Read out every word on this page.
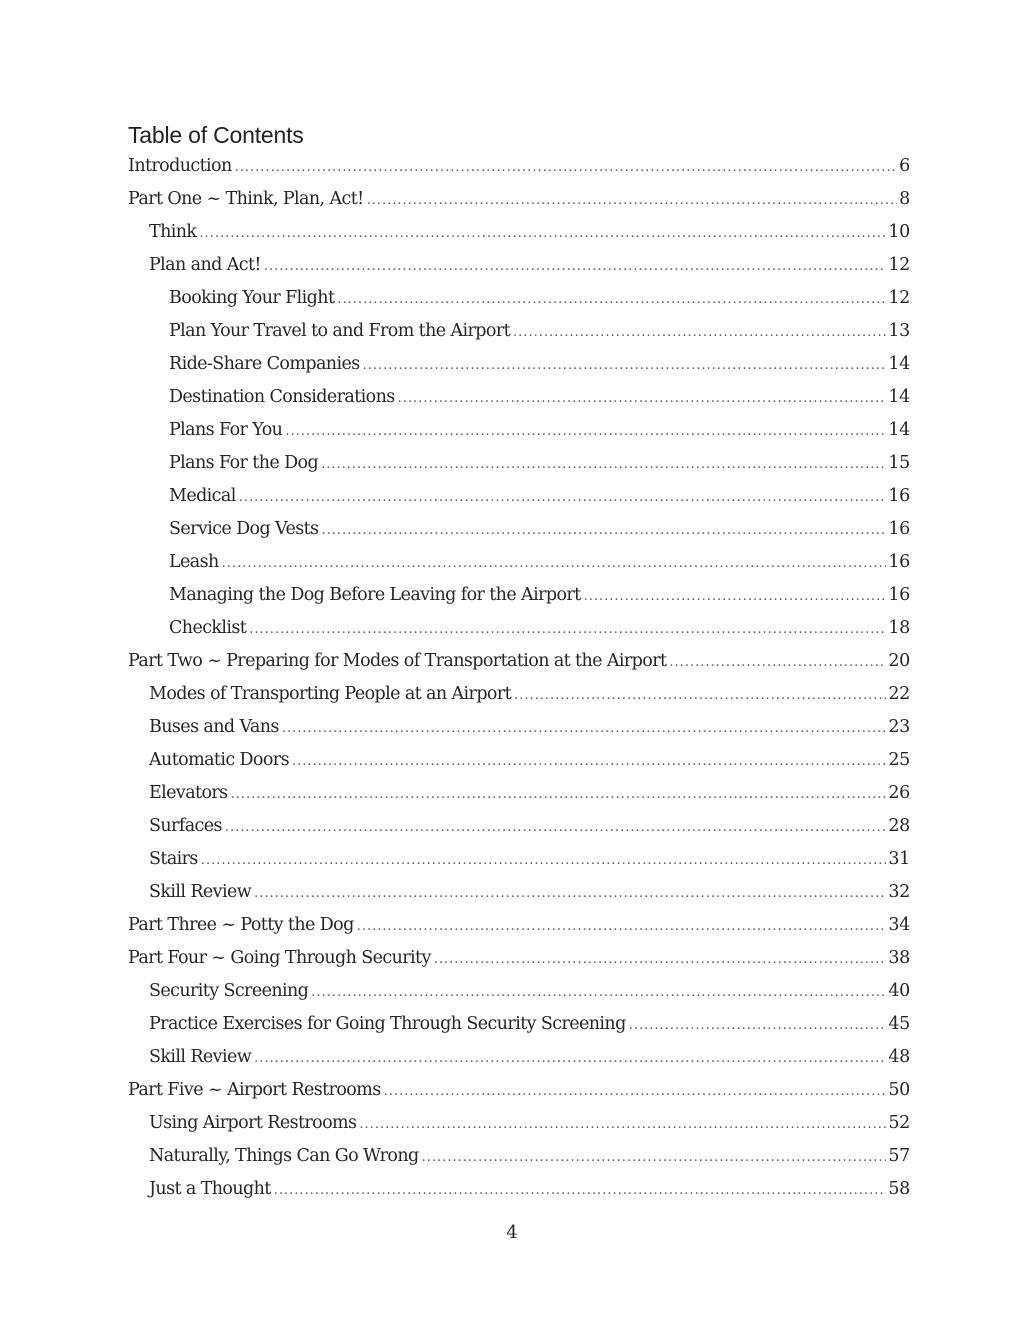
Table of Contents
Introduction .....	6
Part One ~ Think, Plan, Act! .....	8
Think .....	10
Plan and Act! .....	12
Booking Your Flight .....	12
Plan Your Travel to and From the Airport .....	13
Ride-Share Companies .....	14
Destination Considerations .....	14
Plans For You .....	14
Plans For the Dog .....	15
Medical .....	16
Service Dog Vests .....	16
Leash .....	16
Managing the Dog Before Leaving for the Airport .....	16
Checklist .....	18
Part Two ~ Preparing for Modes of Transportation at the Airport .....	20
Modes of Transporting People at an Airport .....	22
Buses and Vans .....	23
Automatic Doors .....	25
Elevators .....	26
Surfaces .....	28
Stairs .....	31
Skill Review .....	32
Part Three ~ Potty the Dog .....	34
Part Four ~ Going Through Security .....	38
Security Screening .....	40
Practice Exercises for Going Through Security Screening .....	45
Skill Review .....	48
Part Five ~ Airport Restrooms .....	50
Using Airport Restrooms .....	52
Naturally, Things Can Go Wrong .....	57
Just a Thought .....	58
4
